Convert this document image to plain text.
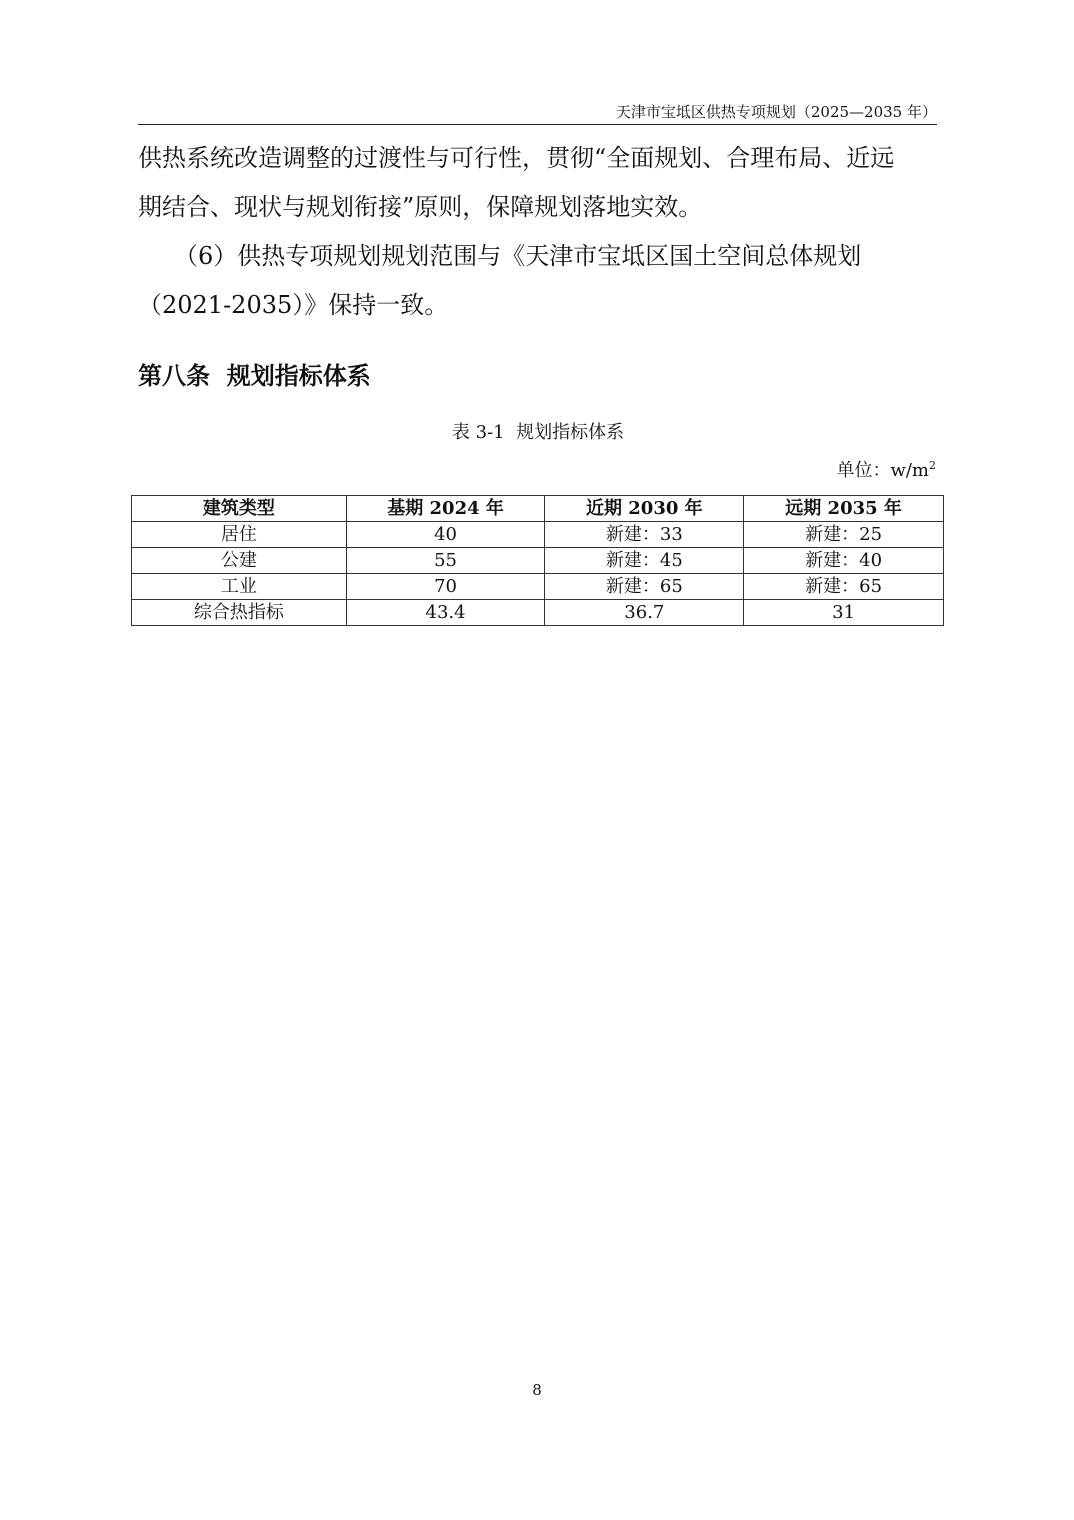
天津市宝坻区供热专项规划（2025—2035 年）
供热系统改造调整的过渡性与可行性，贯彻“全面规划、合理布局、近远
期结合、现状与规划衔接”原则，保障规划落地实效。
　　（6）供热专项规划规划范围与《天津市宝坻区国土空间总体规划
（2021-2035）》保持一致。
第八条  规划指标体系
表 3-1  规划指标体系
单位：$w/m^2$
建筑类型	基期 2024 年	近期 2030 年	远期 2035 年
居住	40	新建：33	新建：25
公建	55	新建：45	新建：40
工业	70	新建：65	新建：65
综合热指标	43.4	36.7	31
8
